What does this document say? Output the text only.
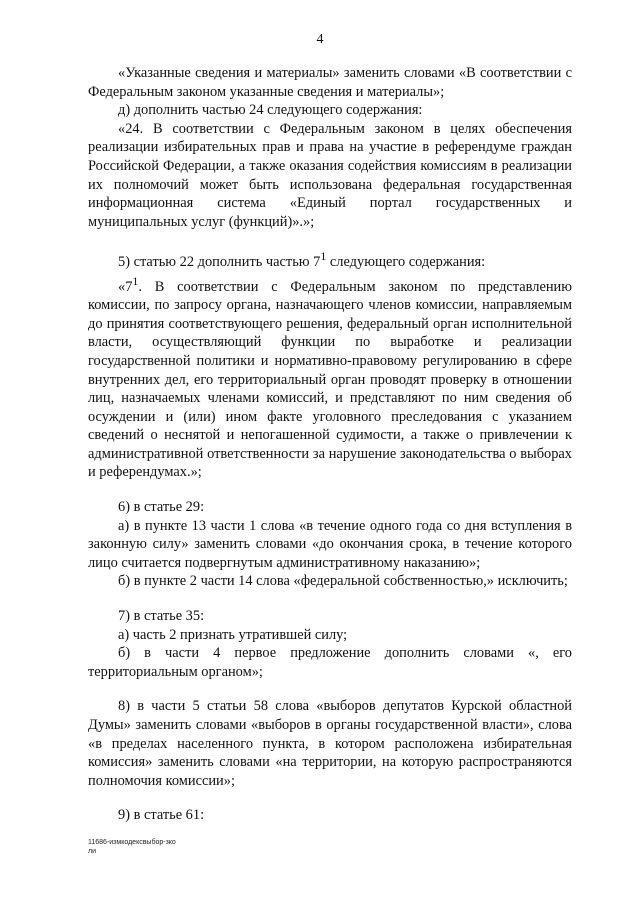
4

«Указанные сведения и материалы» заменить словами «В соответствии с Федеральным законом указанные сведения и материалы»;

д) дополнить частью 24 следующего содержания:

«24. В соответствии с Федеральным законом в целях обеспечения реализации избирательных прав и права на участие в референдуме граждан Российской Федерации, а также оказания содействия комиссиям в реализации их полномочий может быть использована федеральная государственная информационная система «Единый портал государственных и муниципальных услуг (функций)».»;

5) статью 22 дополнить частью $7^1$ следующего содержания:

«$7^1$. В соответствии с Федеральным законом по представлению комиссии, по запросу органа, назначающего членов комиссии, направляемым до принятия соответствующего решения, федеральный орган исполнительной власти, осуществляющий функции по выработке и реализации государственной политики и нормативно-правовому регулированию в сфере внутренних дел, его территориальный орган проводят проверку в отношении лиц, назначаемых членами комиссий, и представляют по ним сведения об осуждении и (или) ином факте уголовного преследования с указанием сведений о неснятой и непогашенной судимости, а также о привлечении к административной ответственности за нарушение законодательства о выборах и референдумах.»;

6) в статье 29:

а) в пункте 13 части 1 слова «в течение одного года со дня вступления в законную силу» заменить словами «до окончания срока, в течение которого лицо считается подвергнутым административному наказанию»;

б) в пункте 2 части 14 слова «федеральной собственностью,» исключить;

7) в статье 35:

а) часть 2 признать утратившей силу;

б) в части 4 первое предложение дополнить словами «, его территориальным органом»;

8) в части 5 статьи 58 слова «выборов депутатов Курской областной Думы» заменить словами «выборов в органы государственной власти», слова «в пределах населенного пункта, в котором расположена избирательная комиссия» заменить словами «на территории, на которую распространяются полномочия комиссии»;

9) в статье 61:

11686-измкодексвыбор-зко
ли
